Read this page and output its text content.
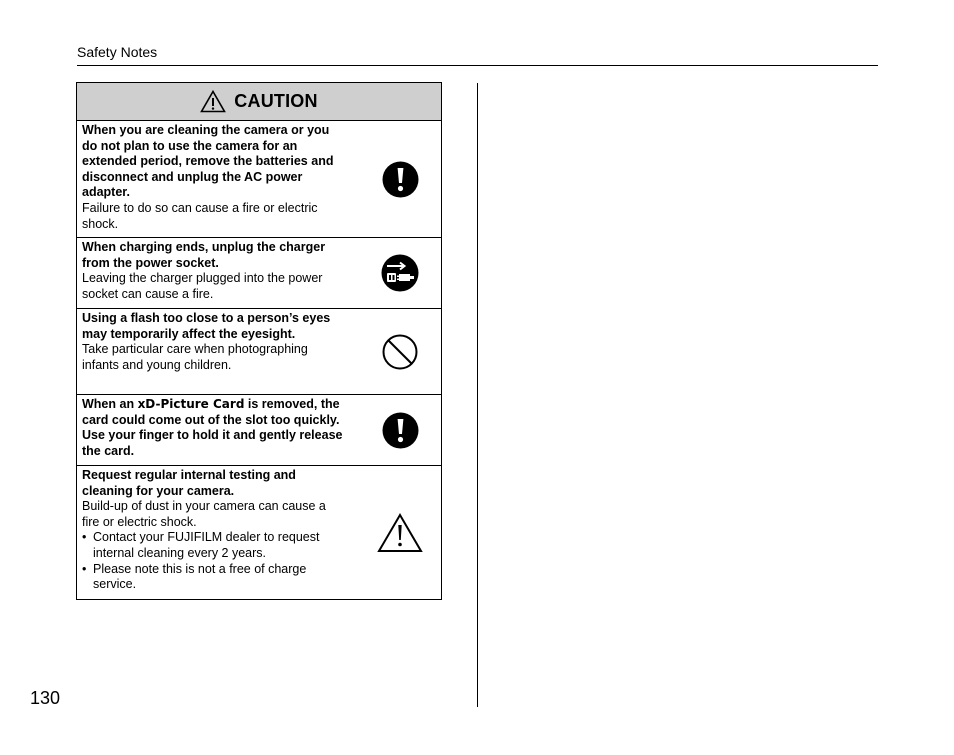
Safety Notes
CAUTION
When you are cleaning the camera or you do not plan to use the camera for an extended period, remove the batteries and disconnect and unplug the AC power adapter.
Failure to do so can cause a fire or electric shock.
When charging ends, unplug the charger from the power socket.
Leaving the charger plugged into the power socket can cause a fire.
Using a flash too close to a person’s eyes may temporarily affect the eyesight.
Take particular care when photographing infants and young children.
When an xD-Picture Card is removed, the card could come out of the slot too quickly. Use your finger to hold it and gently release the card.
Request regular internal testing and cleaning for your camera.
Build-up of dust in your camera can cause a fire or electric shock.
• Contact your FUJIFILM dealer to request internal cleaning every 2 years.
• Please note this is not a free of charge service.
130
